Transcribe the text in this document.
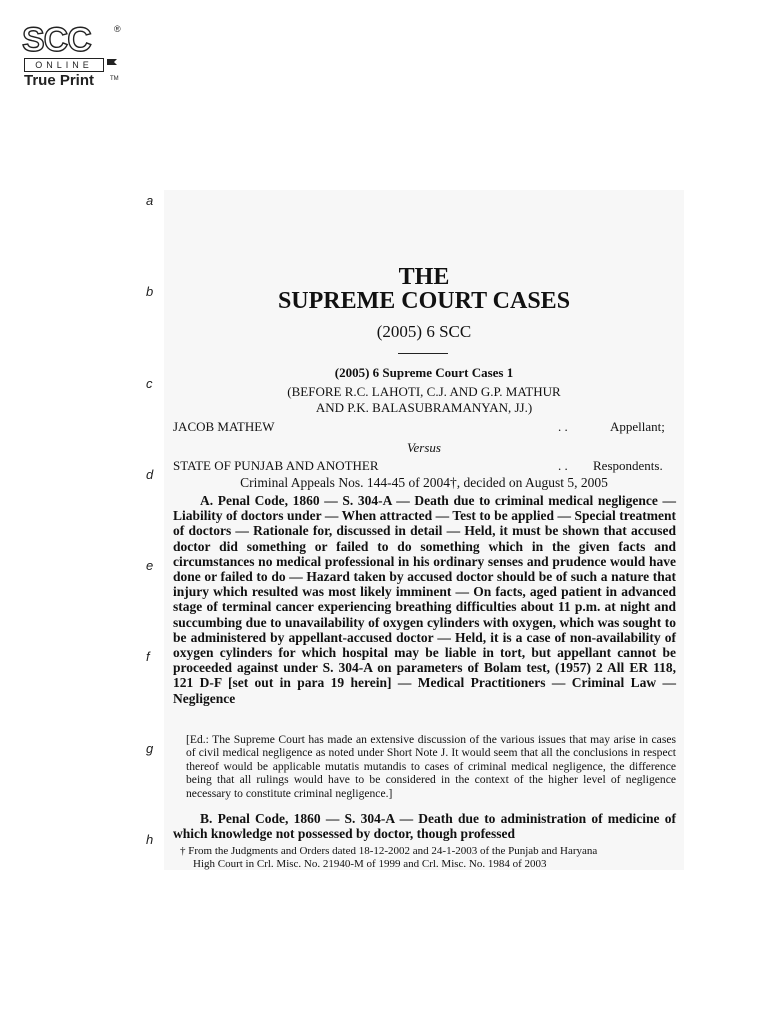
SCC	®
ONLINE
True Print	TM
a
b
c
d
e
f
g
h
THE
SUPREME COURT CASES
(2005) 6 SCC
(2005) 6 Supreme Court Cases 1
(BEFORE R.C. LAHOTI, C.J. AND G.P. MATHUR
AND P.K. BALASUBRAMANYAN, JJ.)
JACOB MATHEW	. .	Appellant;
Versus
STATE OF PUNJAB AND ANOTHER	. . Respondents.
Criminal Appeals Nos. 144-45 of 2004†, decided on August 5, 2005

A. Penal Code, 1860 — S. 304-A — Death due to criminal medical negligence — Liability of doctors under — When attracted — Test to be applied — Special treatment of doctors — Rationale for, discussed in detail — Held, it must be shown that accused doctor did something or failed to do something which in the given facts and circumstances no medical professional in his ordinary senses and prudence would have done or failed to do — Hazard taken by accused doctor should be of such a nature that injury which resulted was most likely imminent — On facts, aged patient in advanced stage of terminal cancer experiencing breathing difficulties about 11 p.m. at night and succumbing due to unavailability of oxygen cylinders with oxygen, which was sought to be administered by appellant-accused doctor — Held, it is a case of non-availability of oxygen cylinders for which hospital may be liable in tort, but appellant cannot be proceeded against under S. 304-A on parameters of Bolam test, (1957) 2 All ER 118, 121 D-F [set out in para 19 herein] — Medical Practitioners — Criminal Law — Negligence

[Ed.: The Supreme Court has made an extensive discussion of the various issues that may arise in cases of civil medical negligence as noted under Short Note J. It would seem that all the conclusions in respect thereof would be applicable mutatis mutandis to cases of criminal medical negligence, the difference being that all rulings would have to be considered in the context of the higher level of negligence necessary to constitute criminal negligence.]

B. Penal Code, 1860 — S. 304-A — Death due to administration of medicine of which knowledge not possessed by doctor, though professed

† From the Judgments and Orders dated 18-12-2002 and 24-1-2003 of the Punjab and Haryana
High Court in Crl. Misc. No. 21940-M of 1999 and Crl. Misc. No. 1984 of 2003
